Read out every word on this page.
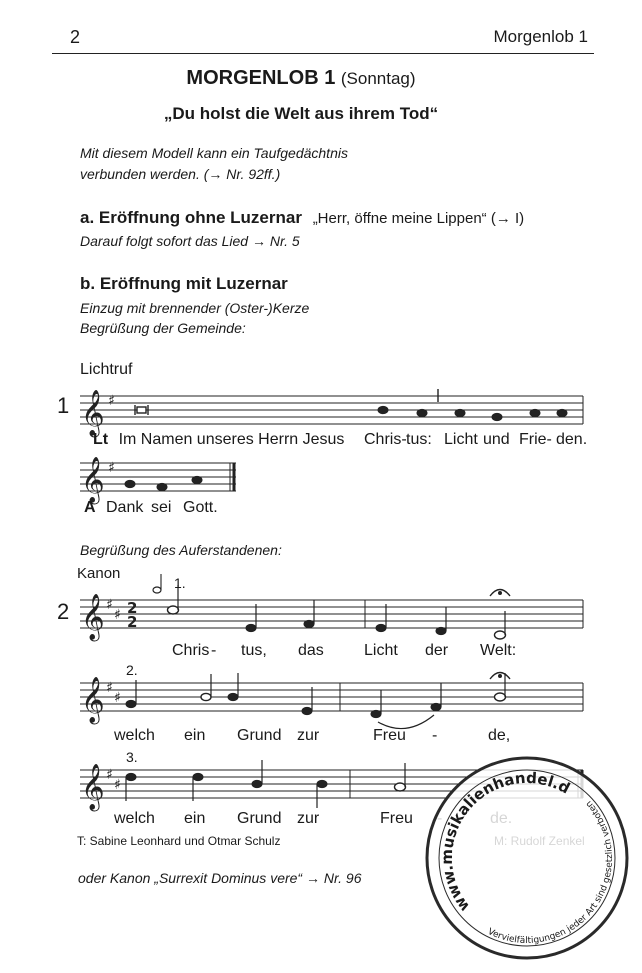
2	Morgenlob 1
MORGENLOB 1 (Sonntag)
„Du holst die Welt aus ihrem Tod“
Mit diesem Modell kann ein Taufgedächtnis
verbunden werden. (→ Nr. 92ff.)
a. Eröffnung ohne Luzernar „Herr, öffne meine Lippen“ (→ I)
Darauf folgt sofort das Lied → Nr. 5
b. Eröffnung mit Luzernar
Einzug mit brennender (Oster-)Kerze
Begrüßung der Gemeinde:
Lichtruf
1 𝄞 ♯
𝄞 ♯
𝄞 ♯
♯
𝄞 ♯
♯
𝄞 ♯
♯
2
2
Lt Im Namen unseres Herrn Jesus Chris- tus: Licht und Frie- den.
A Dank sei Gott.
Begrüßung des Auferstandenen:
Kanon
1.
2
Chris - tus, das	Licht der Welt:
2.
welch ein Grund zur	Freu -	de,
3.
welch ein Grund zur	Freu
T: Sabine Leonhard und Otmar Schulz
oder Kanon „Surrexit Dominus vere“ → Nr. 96
www.musikalienhandel.de
Vervielfältigungen jeder Art sind gesetzlich verboten
